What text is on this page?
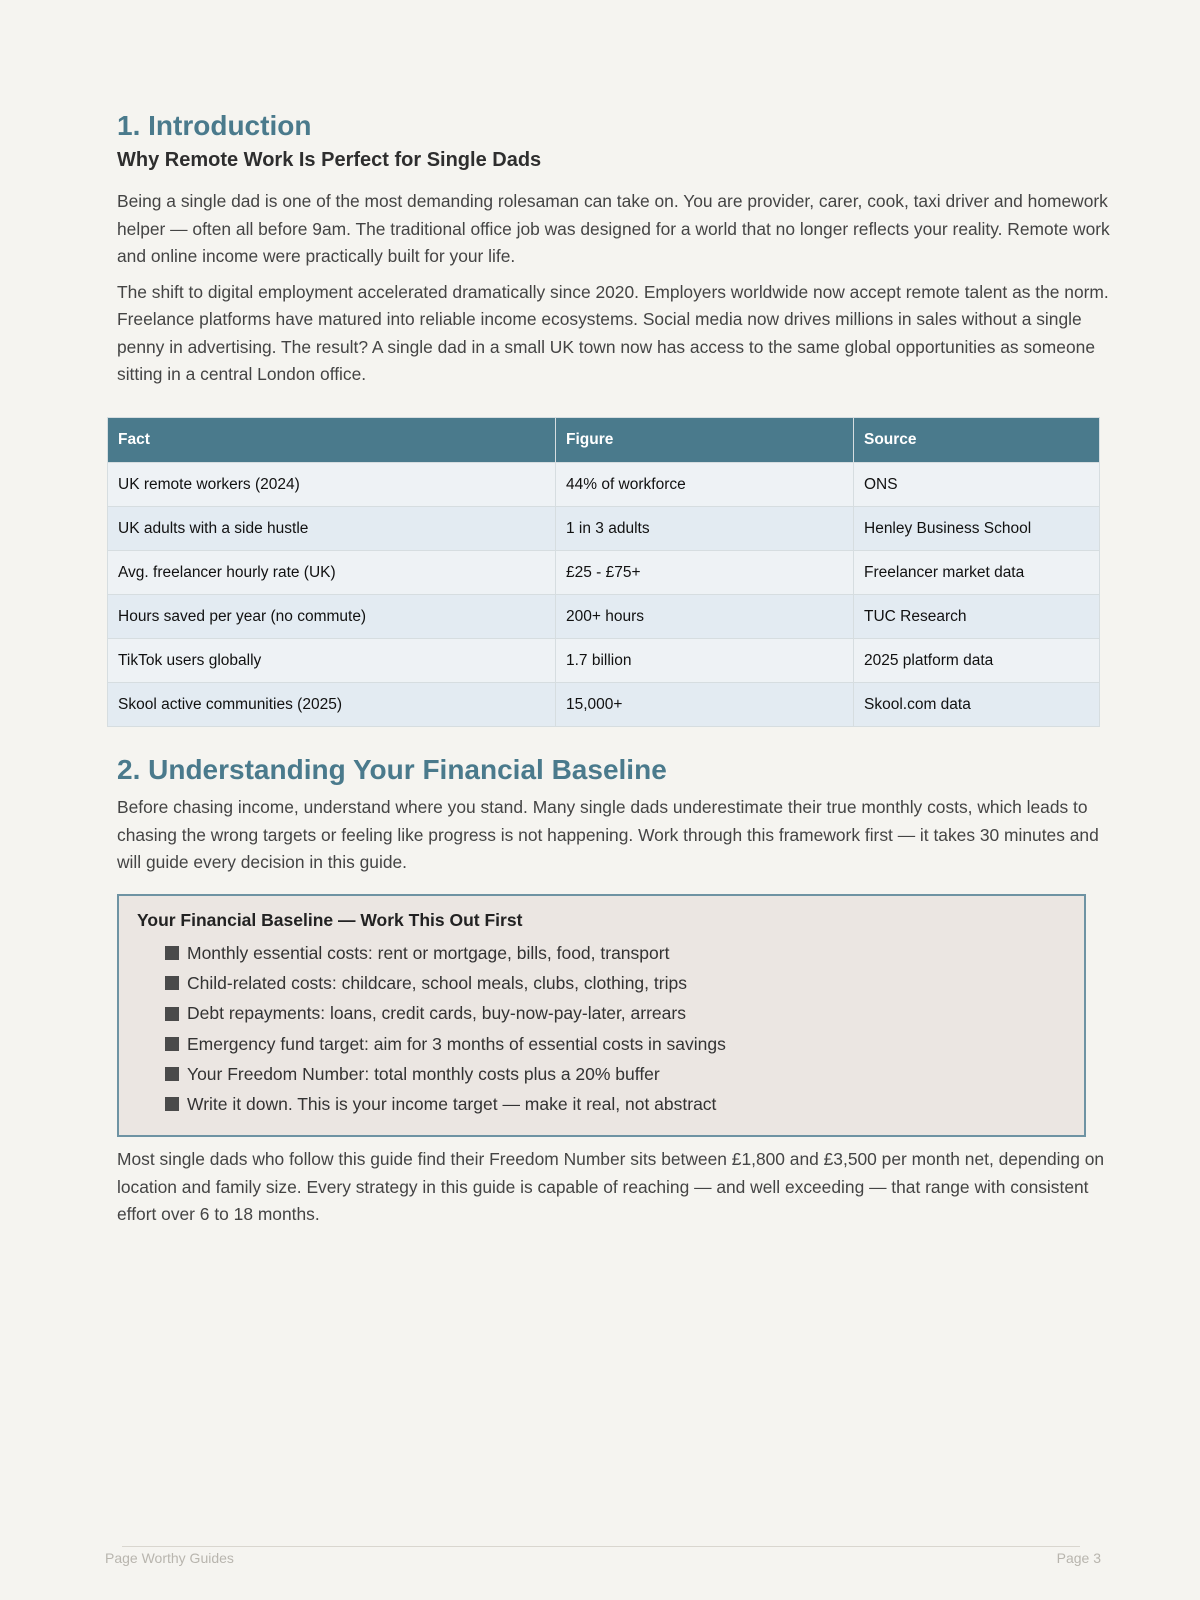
1. Introduction
Why Remote Work Is Perfect for Single Dads

Being a single dad is one of the most demanding rolesaman can take on. You are provider, carer, cook, taxi driver and homework helper — often all before 9am. The traditional office job was designed for a world that no longer reflects your reality. Remote work and online income were practically built for your life.

The shift to digital employment accelerated dramatically since 2020. Employers worldwide now accept remote talent as the norm. Freelance platforms have matured into reliable income ecosystems. Social media now drives millions in sales without a single penny in advertising. The result? A single dad in a small UK town now has access to the same global opportunities as someone sitting in a central London office.

Fact	Figure	Source
UK remote workers (2024)	44% of workforce	ONS
UK adults with a side hustle	1 in 3 adults	Henley Business School
Avg. freelancer hourly rate (UK)	£25 - £75+	Freelancer market data
Hours saved per year (no commute)	200+ hours	TUC Research
TikTok users globally	1.7 billion	2025 platform data
Skool active communities (2025)	15,000+	Skool.com data
2. Understanding Your Financial Baseline

Before chasing income, understand where you stand. Many single dads underestimate their true monthly costs, which leads to chasing the wrong targets or feeling like progress is not happening. Work through this framework first — it takes 30 minutes and will guide every decision in this guide.

Your Financial Baseline — Work This Out First
Monthly essential costs: rent or mortgage, bills, food, transport
Child-related costs: childcare, school meals, clubs, clothing, trips
Debt repayments: loans, credit cards, buy-now-pay-later, arrears
Emergency fund target: aim for 3 months of essential costs in savings
Your Freedom Number: total monthly costs plus a 20% buffer
Write it down. This is your income target — make it real, not abstract

Most single dads who follow this guide find their Freedom Number sits between £1,800 and £3,500 per month net, depending on location and family size. Every strategy in this guide is capable of reaching — and well exceeding — that range with consistent effort over 6 to 18 months.

Page Worthy Guides	Page 3
